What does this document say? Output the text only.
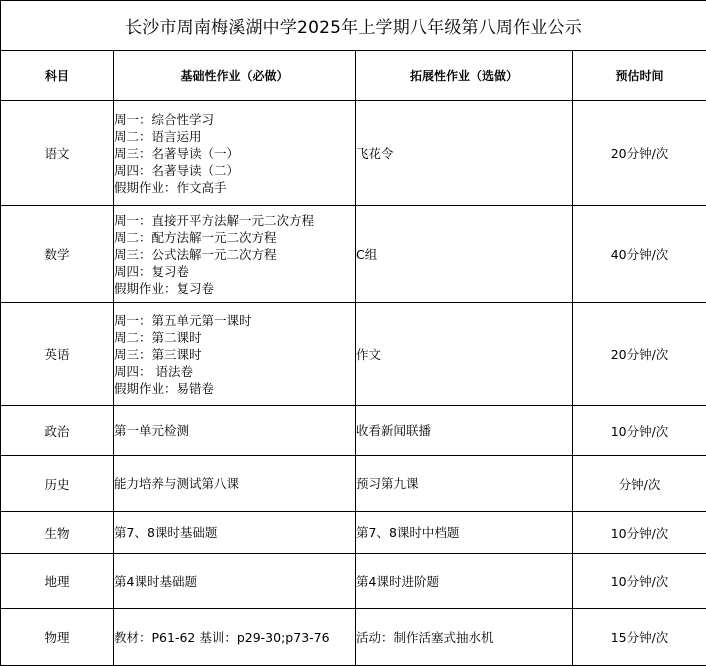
长沙市周南梅溪湖中学2025年上学期八年级第八周作业公示			
科目	基础性作业（必做）	拓展性作业（选做）	预估时间
语文	周一：综合性学习
周二：语言运用
周三：名著导读（一）
周四：名著导读（二）
假期作业：作文高手	飞花令	20分钟/次
数学	周一：直接开平方法解一元二次方程
周二：配方法解一元二次方程
周三：公式法解一元二次方程
周四：复习卷
假期作业：复习卷	C组	40分钟/次
英语	周一：第五单元第一课时
周二：第二课时
周三：第三课时
周四： 语法卷
假期作业：易错卷	作文	20分钟/次
政治	第一单元检测	收看新闻联播	10分钟/次
历史	能力培养与测试第八课	预习第九课	分钟/次
生物	第7、8课时基础题	第7、8课时中档题	10分钟/次
地理	第4课时基础题	第4课时进阶题	10分钟/次
物理	教材：P61-62 基训：p29-30;p73-76	活动：制作活塞式抽水机	15分钟/次
